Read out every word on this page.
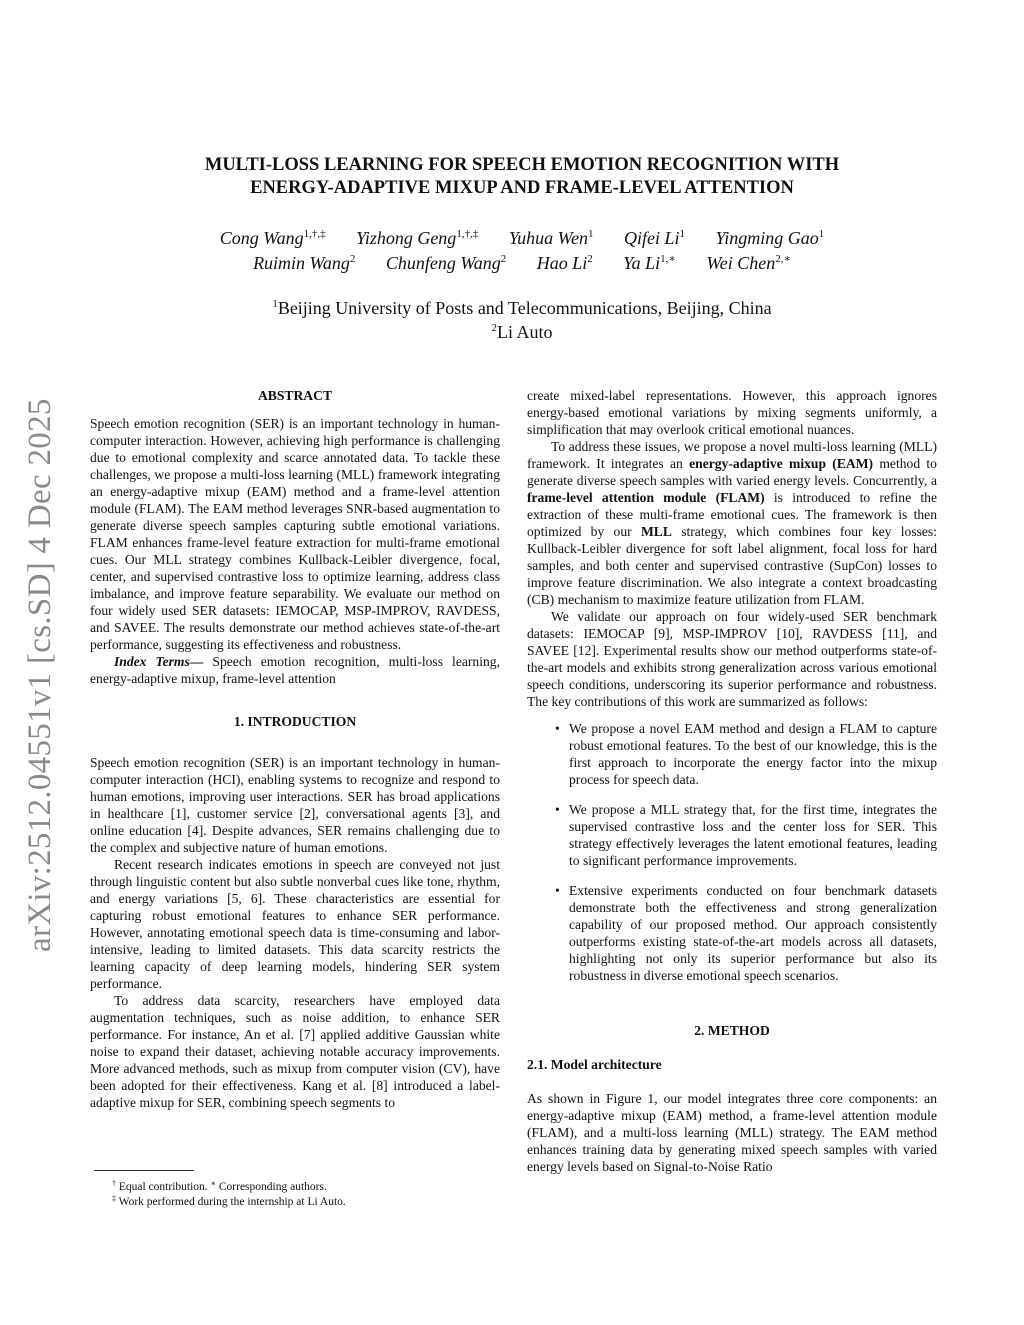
arXiv:2512.04551v1 [cs.SD] 4 Dec 2025
MULTI-LOSS LEARNING FOR SPEECH EMOTION RECOGNITION WITH
ENERGY-ADAPTIVE MIXUP AND FRAME-LEVEL ATTENTION
Cong Wang$^{1,\dagger,\ddagger}$ Yizhong Geng$^{1,\dagger,\ddagger}$ Yuhua Wen$^1$ Qifei Li$^1$ Yingming Gao$^1$
Ruimin Wang$^2$ Chunfeng Wang$^2$ Hao Li$^2$ Ya $Li^{1,∗}$ Wei Chen$^{2,∗}$
$^1$Beijing University of Posts and Telecommunications, Beijing, China
$^2$Li Auto
ABSTRACT

Speech emotion recognition (SER) is an important technology in human-computer interaction. However, achieving high performance is challenging due to emotional complexity and scarce annotated data. To tackle these challenges, we propose a multi-loss learning (MLL) framework integrating an energy-adaptive mixup (EAM) method and a frame-level attention module (FLAM). The EAM method leverages SNR-based augmentation to generate diverse speech samples capturing subtle emotional variations. FLAM enhances frame-level feature extraction for multi-frame emotional cues. Our MLL strategy combines Kullback-Leibler divergence, focal, center, and supervised contrastive loss to optimize learning, address class imbalance, and improve feature separability. We evaluate our method on four widely used SER datasets: IEMOCAP, MSP-IMPROV, RAVDESS, and SAVEE. The results demonstrate our method achieves state-of-the-art performance, suggesting its effectiveness and robustness.

Index Terms— Speech emotion recognition, multi-loss learning, energy-adaptive mixup, frame-level attention

1. INTRODUCTION

Speech emotion recognition (SER) is an important technology in human-computer interaction (HCI), enabling systems to recognize and respond to human emotions, improving user interactions. SER has broad applications in healthcare [1], customer service [2], conversational agents [3], and online education [4]. Despite advances, SER remains challenging due to the complex and subjective nature of human emotions.

Recent research indicates emotions in speech are conveyed not just through linguistic content but also subtle nonverbal cues like tone, rhythm, and energy variations [5, 6]. These characteristics are essential for capturing robust emotional features to enhance SER performance. However, annotating emotional speech data is time-consuming and labor-intensive, leading to limited datasets. This data scarcity restricts the learning capacity of deep learning models, hindering SER system performance.

To address data scarcity, researchers have employed data augmentation techniques, such as noise addition, to enhance SER performance. For instance, An et al. [7] applied additive Gaussian white noise to expand their dataset, achieving notable accuracy improvements. More advanced methods, such as mixup from computer vision (CV), have been adopted for their effectiveness. Kang et al. [8] introduced a label-adaptive mixup for SER, combining speech segments to

create mixed-label representations. However, this approach ignores energy-based emotional variations by mixing segments uniformly, a simplification that may overlook critical emotional nuances.

To address these issues, we propose a novel multi-loss learning (MLL) framework. It integrates an energy-adaptive mixup (EAM) method to generate diverse speech samples with varied energy levels. Concurrently, a frame-level attention module (FLAM) is introduced to refine the extraction of these multi-frame emotional cues. The framework is then optimized by our MLL strategy, which combines four key losses: Kullback-Leibler divergence for soft label alignment, focal loss for hard samples, and both center and supervised contrastive (SupCon) losses to improve feature discrimination. We also integrate a context broadcasting (CB) mechanism to maximize feature utilization from FLAM.

We validate our approach on four widely-used SER benchmark datasets: IEMOCAP [9], MSP-IMPROV [10], RAVDESS [11], and SAVEE [12]. Experimental results show our method outperforms state-of-the-art models and exhibits strong generalization across various emotional speech conditions, underscoring its superior performance and robustness. The key contributions of this work are summarized as follows:

• We propose a novel EAM method and design a FLAM to capture robust emotional features. To the best of our knowledge, this is the first approach to incorporate the energy factor into the mixup process for speech data.
• We propose a MLL strategy that, for the first time, integrates the supervised contrastive loss and the center loss for SER. This strategy effectively leverages the latent emotional features, leading to significant performance improvements.
• Extensive experiments conducted on four benchmark datasets demonstrate both the effectiveness and strong generalization capability of our proposed method. Our approach consistently outperforms existing state-of-the-art models across all datasets, highlighting not only its superior performance but also its robustness in diverse emotional speech scenarios.
2. METHOD
2.1. Model architecture

As shown in Figure 1, our model integrates three core components: an energy-adaptive mixup (EAM) method, a frame-level attention module (FLAM), and a multi-loss learning (MLL) strategy. The EAM method enhances training data by generating mixed speech samples with varied energy levels based on Signal-to-Noise Ratio

† Equal contribution. ∗ Corresponding authors.
‡ Work performed during the internship at Li Auto.
